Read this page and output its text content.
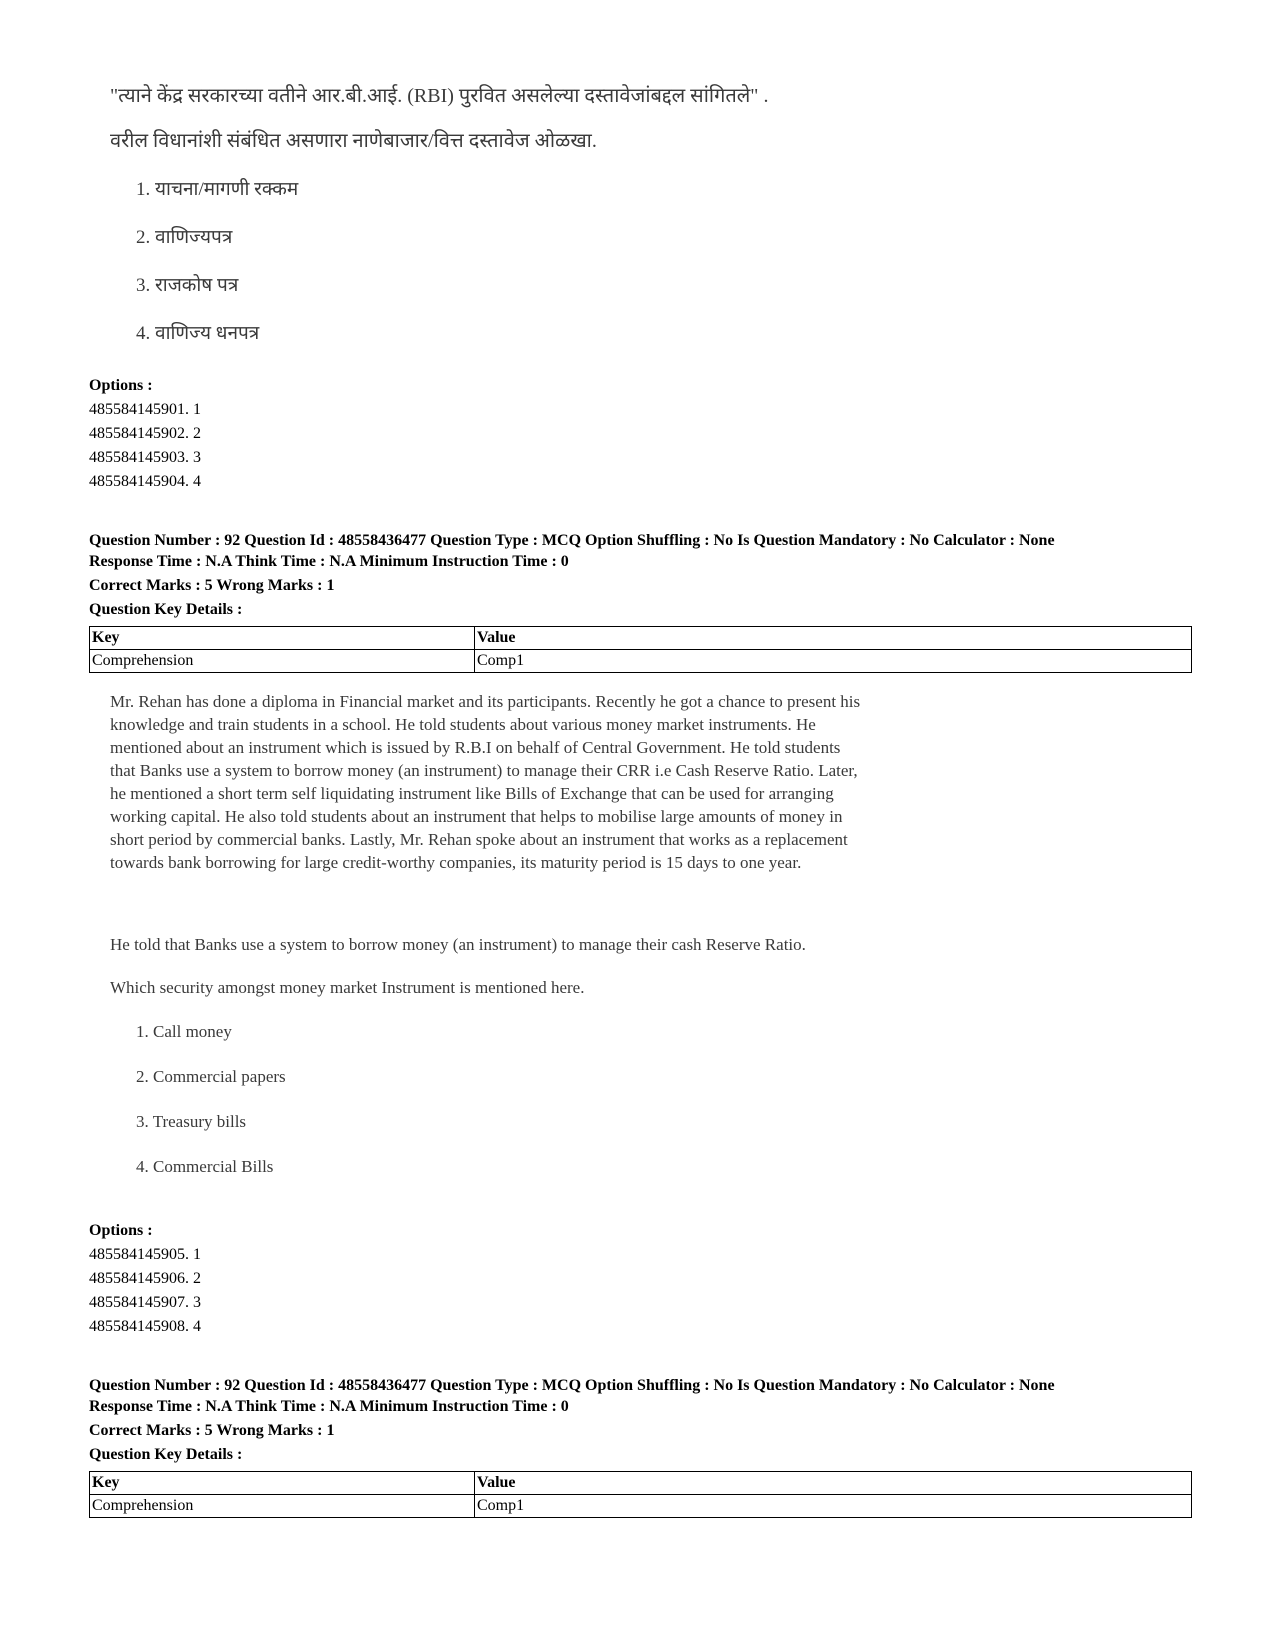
"त्याने केंद्र सरकारच्या वतीने आर.बी.आई. (RBI) पुरवित असलेल्या दस्तावेजांबद्दल सांगितले" .
वरील विधानांशी संबंधित असणारा नाणेबाजार/वित्त दस्तावेज ओळखा.
1. याचना/मागणी रक्कम
2. वाणिज्यपत्र
3. राजकोष पत्र
4. वाणिज्य धनपत्र
Options :
485584145901. 1
485584145902. 2
485584145903. 3
485584145904. 4
Question Number : 92 Question Id : 48558436477 Question Type : MCQ Option Shuffling : No Is Question Mandatory : No Calculator : None
Response Time : N.A Think Time : N.A Minimum Instruction Time : 0
Correct Marks : 5 Wrong Marks : 1
Question Key Details :
Key	Value
Comprehension	Comp1
Mr. Rehan has done a diploma in Financial market and its participants. Recently he got a chance to present his
knowledge and train students in a school. He told students about various money market instruments. He
mentioned about an instrument which is issued by R.B.I on behalf of Central Government. He told students
that Banks use a system to borrow money (an instrument) to manage their CRR i.e Cash Reserve Ratio. Later,
he mentioned a short term self liquidating instrument like Bills of Exchange that can be used for arranging
working capital. He also told students about an instrument that helps to mobilise large amounts of money in
short period by commercial banks. Lastly, Mr. Rehan spoke about an instrument that works as a replacement
towards bank borrowing for large credit-worthy companies, its maturity period is 15 days to one year.
He told that Banks use a system to borrow money (an instrument) to manage their cash Reserve Ratio.
Which security amongst money market Instrument is mentioned here.
1. Call money
2. Commercial papers
3. Treasury bills
4. Commercial Bills
Options :
485584145905. 1
485584145906. 2
485584145907. 3
485584145908. 4
Question Number : 92 Question Id : 48558436477 Question Type : MCQ Option Shuffling : No Is Question Mandatory : No Calculator : None
Response Time : N.A Think Time : N.A Minimum Instruction Time : 0
Correct Marks : 5 Wrong Marks : 1
Question Key Details :
Key	Value
Comprehension	Comp1
